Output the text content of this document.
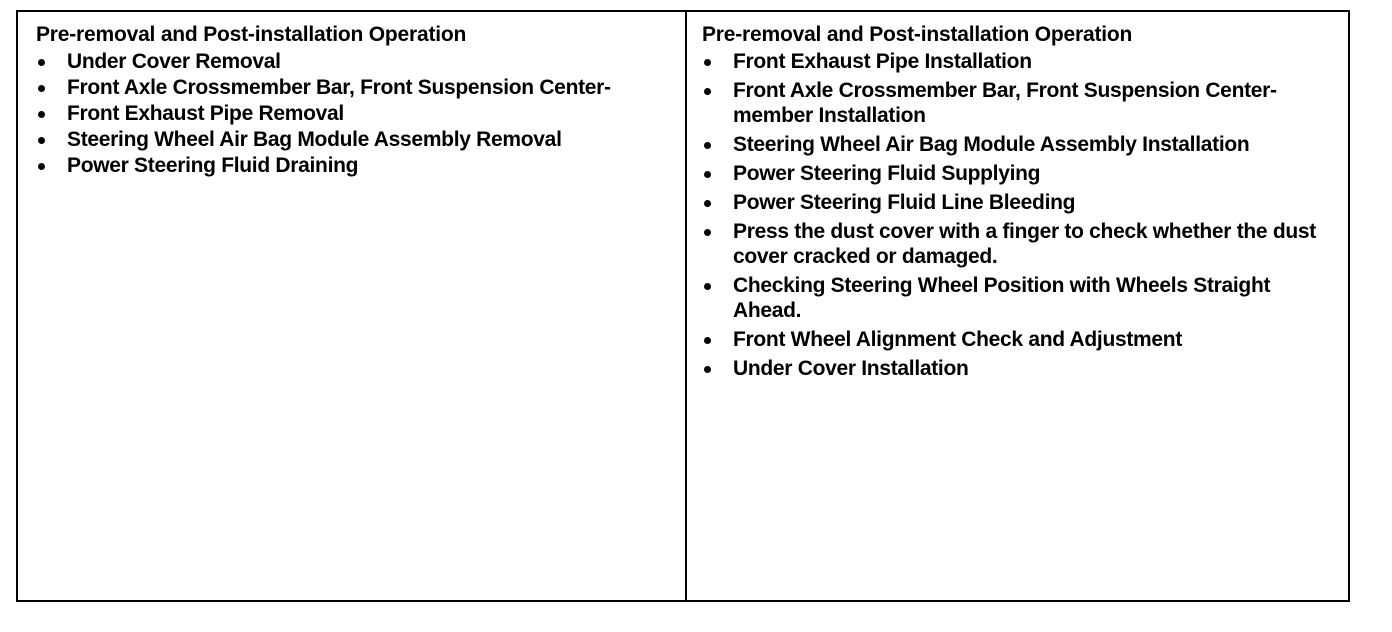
Pre-removal and Post-installation Operation
Under Cover Removal
Front Axle Crossmember Bar, Front Suspension Center-
Front Exhaust Pipe Removal
Steering Wheel Air Bag Module Assembly Removal
Power Steering Fluid Draining
Pre-removal and Post-installation Operation
Front Exhaust Pipe Installation
Front Axle Crossmember Bar, Front Suspension Center-member Installation
Steering Wheel Air Bag Module Assembly Installation
Power Steering Fluid Supplying
Power Steering Fluid Line Bleeding
Press the dust cover with a finger to check whether the dust cover cracked or damaged.
Checking Steering Wheel Position with Wheels Straight Ahead.
Front Wheel Alignment Check and Adjustment
Under Cover Installation
